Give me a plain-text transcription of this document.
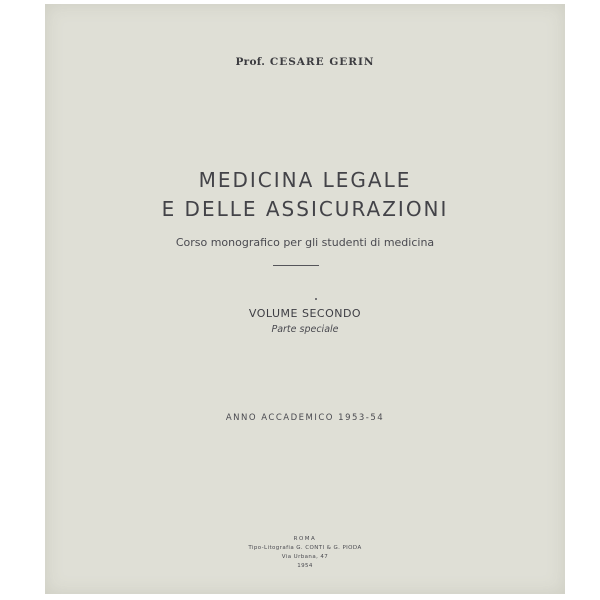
Prof. CESARE GERIN
MEDICINA LEGALE
E DELLE ASSICURAZIONI
Corso monografico per gli studenti di medicina
VOLUME SECONDO
Parte speciale
ANNO ACCADEMICO 1953-54
ROMA
Tipo-Litografia G. CONTI & G. PIODA
Via Urbana, 47
1954
